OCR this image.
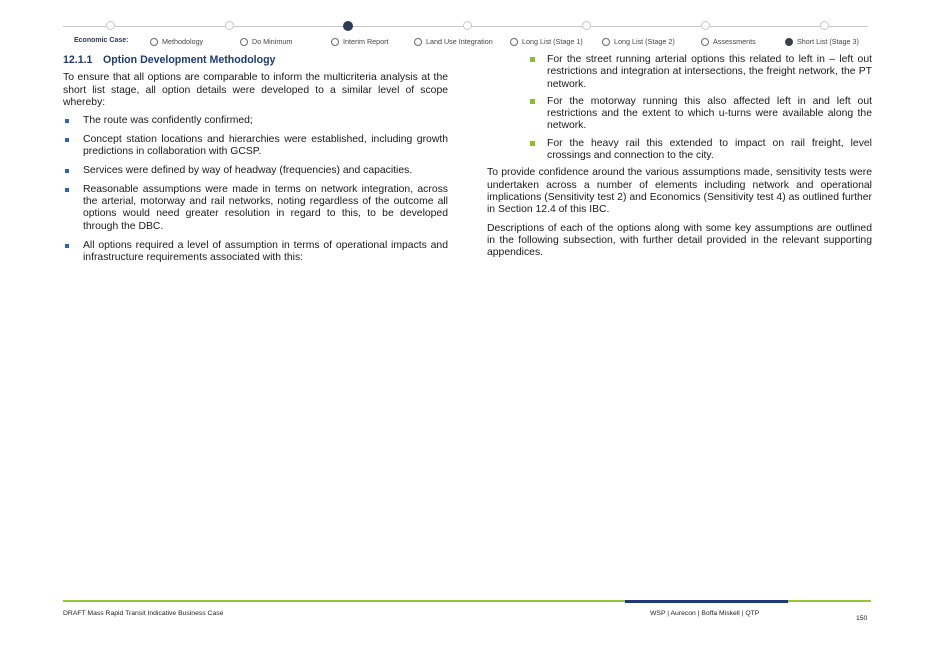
Economic Case:	Methodology	Do Minimum	Interim Report	Land Use Integration	Long List (Stage 1)	Long List (Stage 2)	Assessments	Short List (Stage 3)
12.1.1 Option Development Methodology

To ensure that all options are comparable to inform the multicriteria analysis at the short list stage, all option details were developed to a similar level of scope whereby:

The route was confidently confirmed;
Concept station locations and hierarchies were established, including growth predictions in collaboration with GCSP.
Services were defined by way of headway (frequencies) and capacities.
Reasonable assumptions were made in terms on network integration, across the arterial, motorway and rail networks, noting regardless of the outcome all options would need greater resolution in regard to this, to be developed through the DBC.
All options required a level of assumption in terms of operational impacts and infrastructure requirements associated with this:
For the street running arterial options this related to left in – left out restrictions and integration at intersections, the freight network, the PT network.
For the motorway running this also affected left in and left out restrictions and the extent to which u-turns were available along the network.
For the heavy rail this extended to impact on rail freight, level crossings and connection to the city.

To provide confidence around the various assumptions made, sensitivity tests were undertaken across a number of elements including network and operational implications (Sensitivity test 2) and Economics (Sensitivity test 4) as outlined further in Section 12.4 of this IBC.

Descriptions of each of the options along with some key assumptions are outlined in the following subsection, with further detail provided in the relevant supporting appendices.

DRAFT Mass Rapid Transit Indicative Business Case	WSP | Aurecon | Boffa Miskell | QTP
150
